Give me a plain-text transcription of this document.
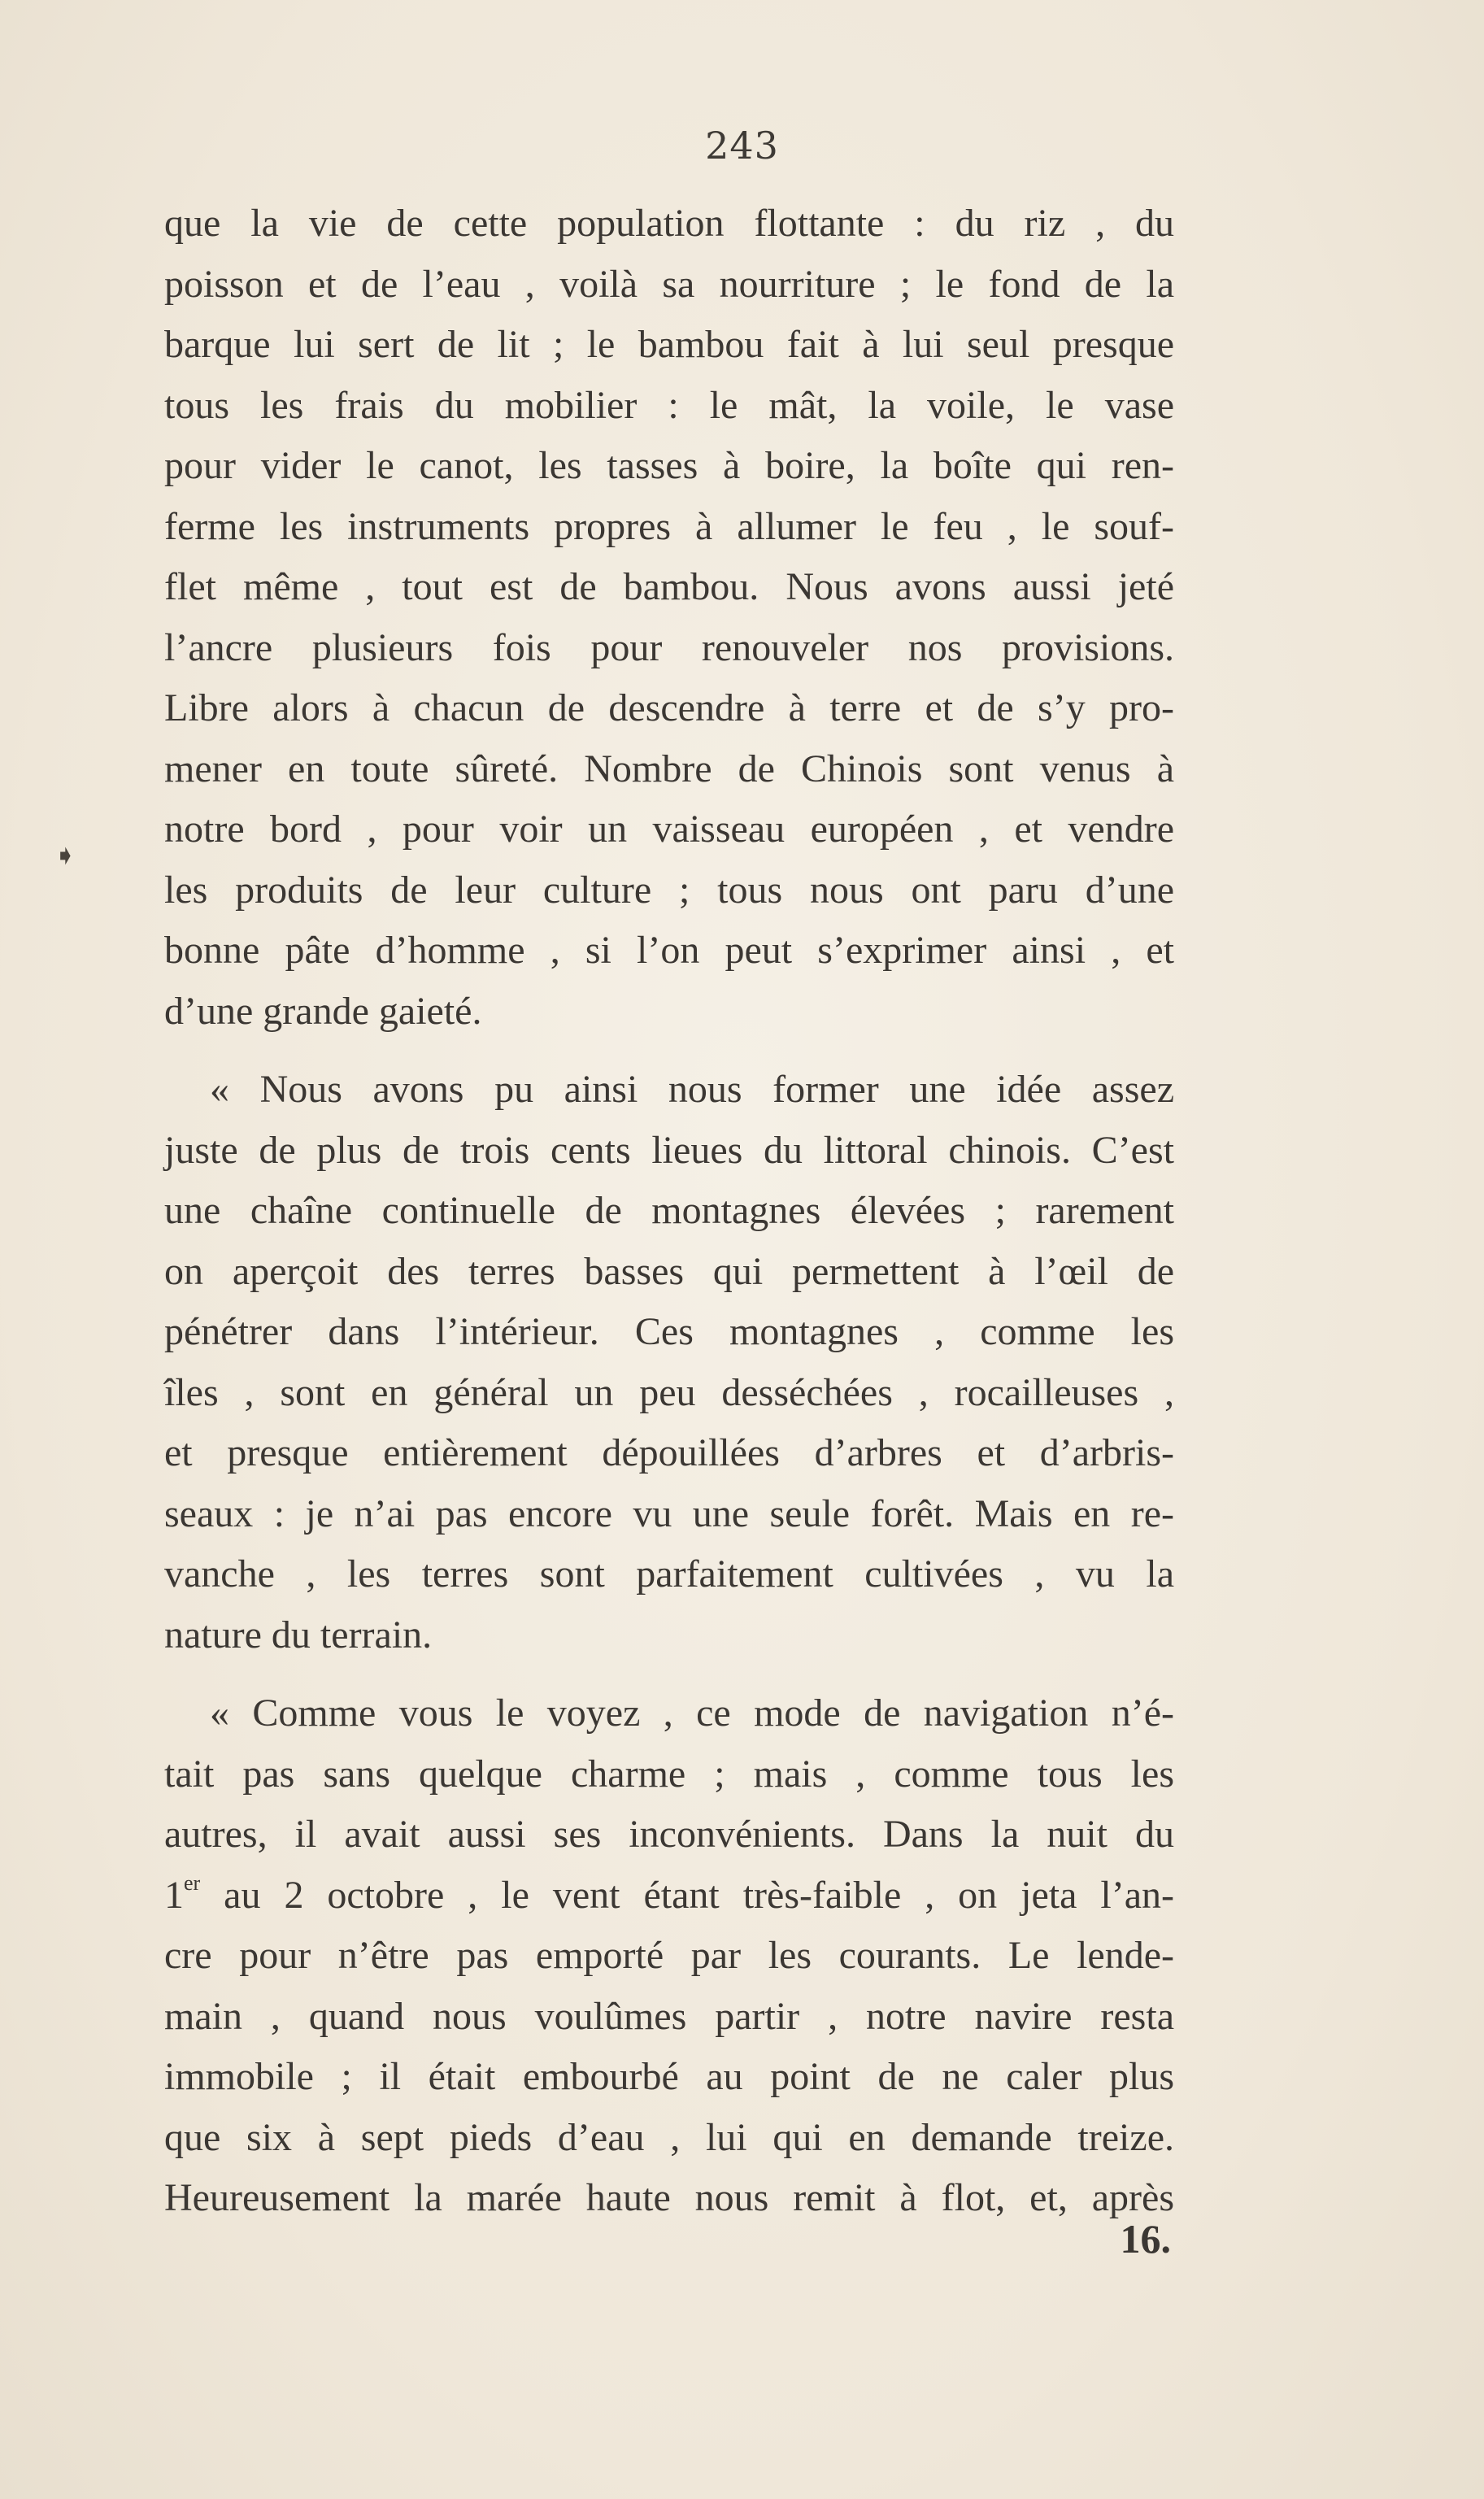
243
➧

que la vie de cette population flottante : du riz , du
poisson et de l’eau , voilà sa nourriture ; le fond de la
barque lui sert de lit ; le bambou fait à lui seul presque
tous les frais du mobilier : le mât, la voile, le vase
pour vider le canot, les tasses à boire, la boîte qui ren-
ferme les instruments propres à allumer le feu , le souf-
flet même , tout est de bambou. Nous avons aussi jeté
l’ancre plusieurs fois pour renouveler nos provisions.
Libre alors à chacun de descendre à terre et de s’y pro-
mener en toute sûreté. Nombre de Chinois sont venus à
notre bord , pour voir un vaisseau européen , et vendre
les produits de leur culture ; tous nous ont paru d’une
bonne pâte d’homme , si l’on peut s’exprimer ainsi , et
d’une grande gaieté.

« Nous avons pu ainsi nous former une idée assez
juste de plus de trois cents lieues du littoral chinois. C’est
une chaîne continuelle de montagnes élevées ; rarement
on aperçoit des terres basses qui permettent à l’œil de
pénétrer dans l’intérieur. Ces montagnes , comme les
îles , sont en général un peu desséchées , rocailleuses ,
et presque entièrement dépouillées d’arbres et d’arbris-
seaux : je n’ai pas encore vu une seule forêt. Mais en re-
vanche , les terres sont parfaitement cultivées , vu la
nature du terrain.

« Comme vous le voyez , ce mode de navigation n’é-
tait pas sans quelque charme ; mais , comme tous les
autres, il avait aussi ses inconvénients. Dans la nuit du
1er au 2 octobre , le vent étant très-faible , on jeta l’an-
cre pour n’être pas emporté par les courants. Le lende-
main , quand nous voulûmes partir , notre navire resta
immobile ; il était embourbé au point de ne caler plus
que six à sept pieds d’eau , lui qui en demande treize.
Heureusement la marée haute nous remit à flot, et, après

16.
